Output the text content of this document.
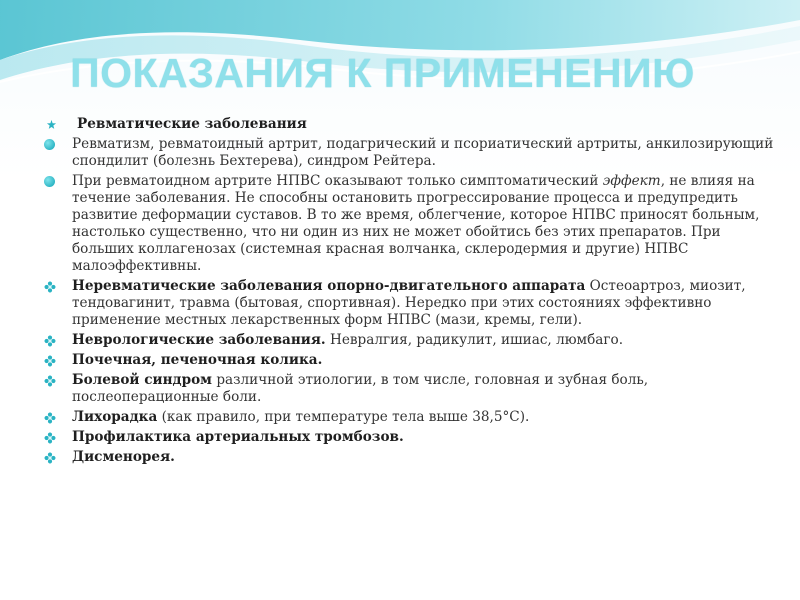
ПОКАЗАНИЯ К ПРИМЕНЕНИЮ
Ревматические заболевания
Ревматизм, ревматоидный артрит, подагрический и псориатический артриты, анкилозирующий спондилит (болезнь Бехтерева), синдром Рейтера.
При ревматоидном артрите НПВС оказывают только симптоматический эффект, не влияя на течение заболевания. Не способны остановить прогрессирование процесса и предупредить развитие деформации суставов. В то же время, облегчение, которое НПВС приносят больным, настолько существенно, что ни один из них не может обойтись без этих препаратов. При больших коллагенозах (системная красная волчанка, склеродермия и другие) НПВС малоэффективны.
Неревматические заболевания опорно-двигательного аппарата Остеоартроз, миозит, тендовагинит, травма (бытовая, спортивная). Нередко при этих состояниях эффективно применение местных лекарственных форм НПВС (мази, кремы, гели).
Неврологические заболевания. Невралгия, радикулит, ишиас, люмбаго.
Почечная, печеночная колика.
Болевой синдром различной этиологии, в том числе, головная и зубная боль, послеоперационные боли.
Лихорадка (как правило, при температуре тела выше 38,5°С).
Профилактика артериальных тромбозов.
Дисменорея.
